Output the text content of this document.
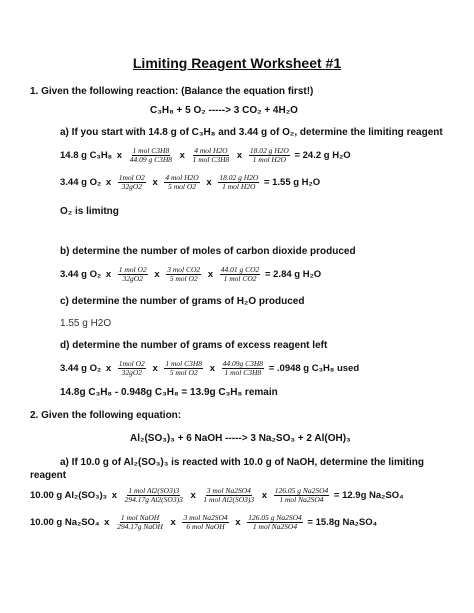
Limiting Reagent Worksheet #1
1. Given the following reaction: (Balance the equation first!)
C₃H₈ + 5 O₂ -----> 3 CO₂ + 4H₂O
a) If you start with 14.8 g of C₃H₈ and 3.44 g of O₂, determine the limiting reagent
14.8 g C₃H₈ x $\frac{\text{1 mol C3H8}}{\text{44.09 g C3H8}}$ x $\frac{\text{4 mol H2O}}{\text{1 mol C3H8}}$ x $\frac{\text{18.02 g H2O}}{\text{1 mol H2O}} = 24.2$ g H₂O
3.44 g O₂ x $\frac{\text{1mol O2}}{32gO2}$ x $\frac{\text{4 mol H2O}}{\text{5 mol O2}}$ x $\frac{\text{18.02 g H2O}}{\text{1 mol H2O}} = 1.55$ g H₂O
O₂ is limitng
b) determine the number of moles of carbon dioxide produced
3.44 g O₂ x $\frac{\text{1 mol O2}}{32gO2}$ x $\frac{\text{3 mol CO2}}{\text{5 mol O2}}$ x $\frac{\text{44.01 g CO2}}{\text{1 mol CO2}} = 2.84$ g H₂O
c) determine the number of grams of H₂O produced
1.55 g H2O
d) determine the number of grams of excess reagent left
3.44 g O₂ x $\frac{\text{1mol O2}}{32gO2}$ x $\frac{\text{1 mol C3H8}}{\text{5 mol O2}}$ x $\frac{\text{44.09g C3H8}}{\text{1 mol C3H8}} = .0948$ g C₃H₈ used
14.8g C₃H₈ - 0.948g C₃H₈ = 13.9g C₃H₈ remain
2. Given the following equation:
Al₂(SO₃)₃ + 6 NaOH -----> 3 Na₂SO₃ + 2 Al(OH)₃
a) If 10.0 g of Al₂(SO₃)₃ is reacted with 10.0 g of NaOH, determine the limiting
reagent
10.00 g Al₂(SO₃)₃ x $\frac{\text{1 mol Al2(SO3)3}}{\text{294.17g Al2(SO3)3}}$ x $\frac{\text{3 mol Na2SO4}}{\text{1 mol Al2(SO3)3}}$ x $\frac{\text{126.05 g Na2SO4}}{\text{1 mol Na2SO4}} = 12.9g$ Na₂SO₄
10.00 g Na₂SO₄ x $\frac{\text{1 mol NaOH}}{\text{294.17g NaOH}}$ x $\frac{\text{3 mol Na2SO4}}{\text{6 mol NaOH}}$ x $\frac{\text{126.05 g Na2SO4}}{\text{1 mol Na2SO4}} = 15.8g$ Na₂SO₄
